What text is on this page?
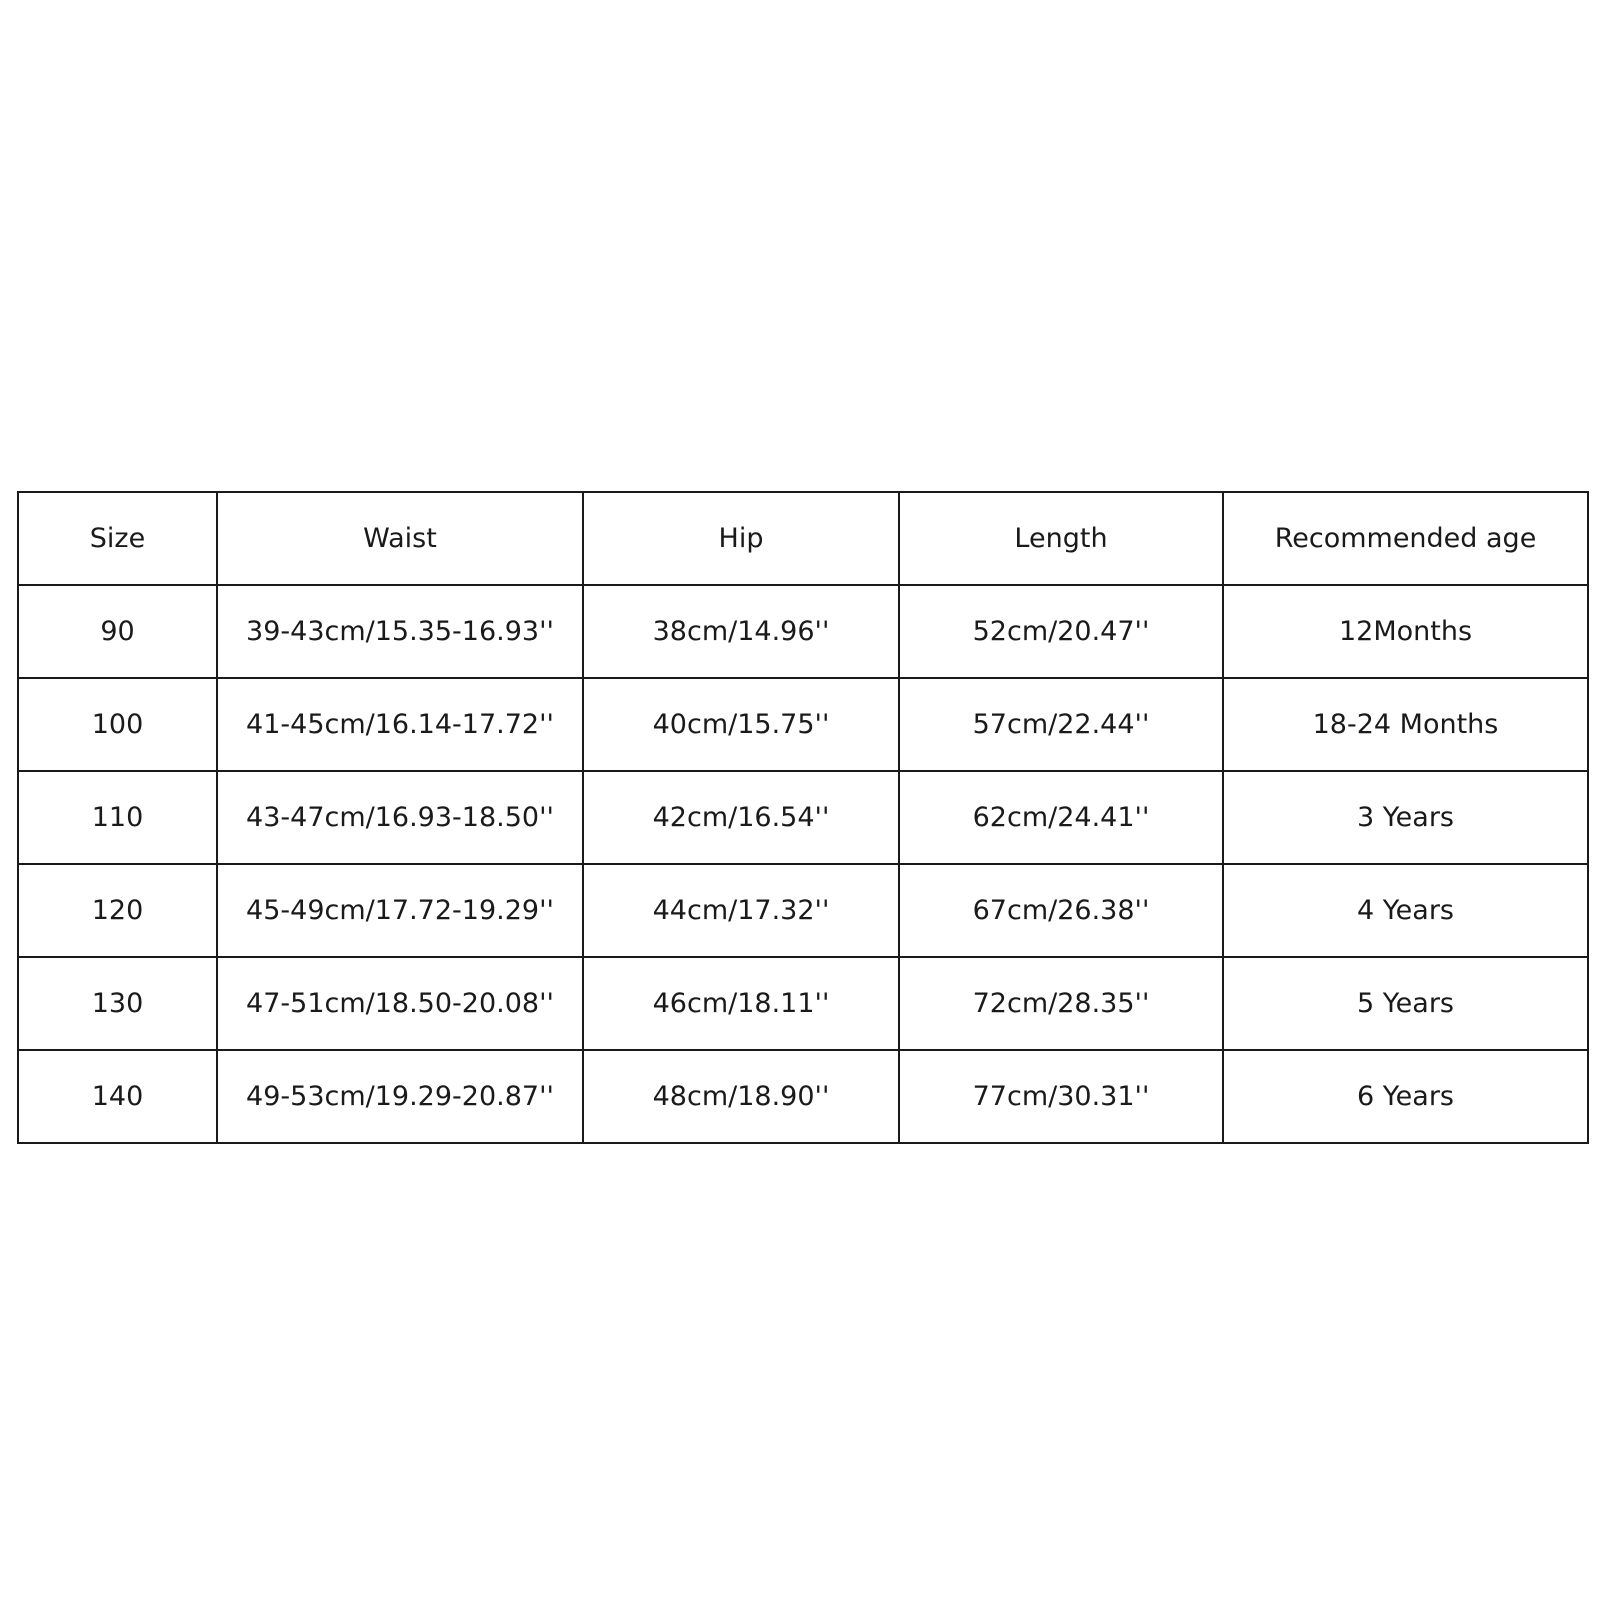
Size	Waist	Hip	Length	Recommended age
90	39-43cm/15.35-16.93''	38cm/14.96''	52cm/20.47''	12Months
100	41-45cm/16.14-17.72''	40cm/15.75''	57cm/22.44''	18-24 Months
110	43-47cm/16.93-18.50''	42cm/16.54''	62cm/24.41''	3 Years
120	45-49cm/17.72-19.29''	44cm/17.32''	67cm/26.38''	4 Years
130	47-51cm/18.50-20.08''	46cm/18.11''	72cm/28.35''	5 Years
140	49-53cm/19.29-20.87''	48cm/18.90''	77cm/30.31''	6 Years
